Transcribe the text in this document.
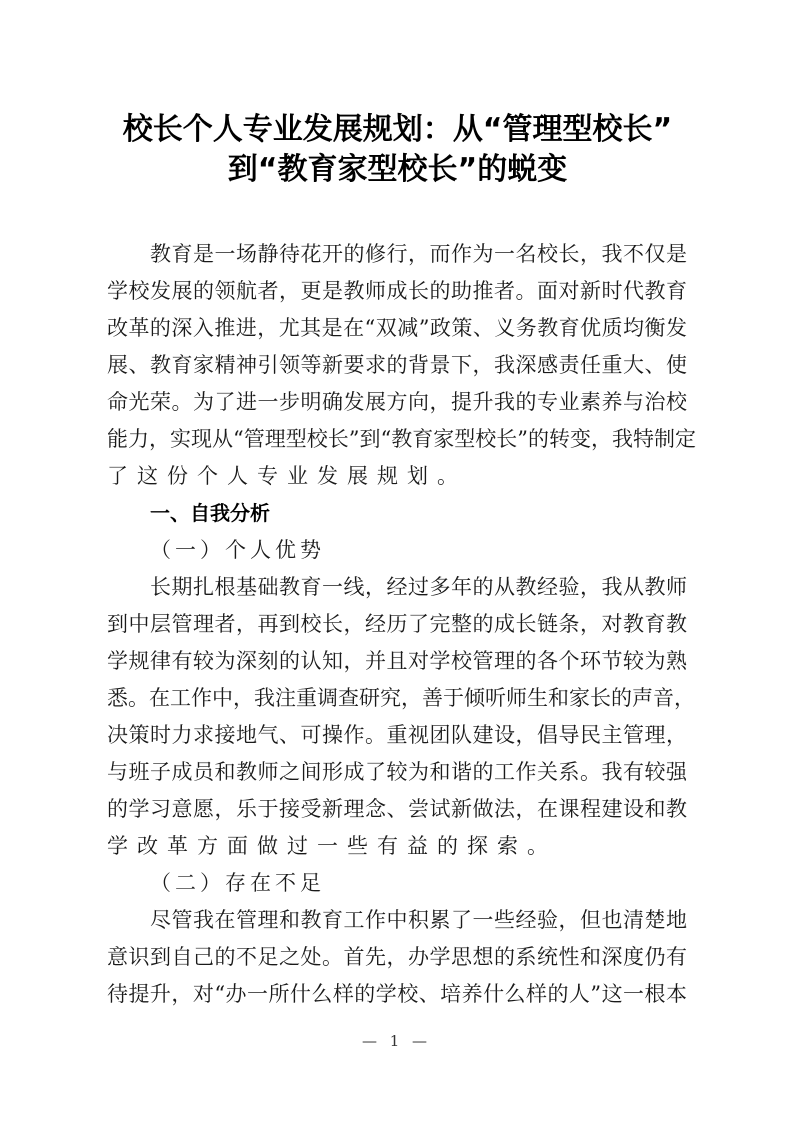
校长个人专业发展规划：从“管理型校长”
到“教育家型校长”的蜕变
教育是一场静待花开的修行，而作为一名校长，我不仅是
学校发展的领航者，更是教师成长的助推者。面对新时代教育
改革的深入推进，尤其是在“双减”政策、义务教育优质均衡发
展、教育家精神引领等新要求的背景下，我深感责任重大、使
命光荣。为了进一步明确发展方向，提升我的专业素养与治校
能力，实现从“管理型校长”到“教育家型校长”的转变，我特制定
了这份个人专业发展规划。
一、自我分析
（一）个人优势
长期扎根基础教育一线，经过多年的从教经验，我从教师
到中层管理者，再到校长，经历了完整的成长链条，对教育教
学规律有较为深刻的认知，并且对学校管理的各个环节较为熟
悉。在工作中，我注重调查研究，善于倾听师生和家长的声音，
决策时力求接地气、可操作。重视团队建设，倡导民主管理，
与班子成员和教师之间形成了较为和谐的工作关系。我有较强
的学习意愿，乐于接受新理念、尝试新做法，在课程建设和教
学改革方面做过一些有益的探索。
（二）存在不足
尽管我在管理和教育工作中积累了一些经验，但也清楚地
意识到自己的不足之处。首先，办学思想的系统性和深度仍有
待提升，对“办一所什么样的学校、培养什么样的人”这一根本
— 1 —
